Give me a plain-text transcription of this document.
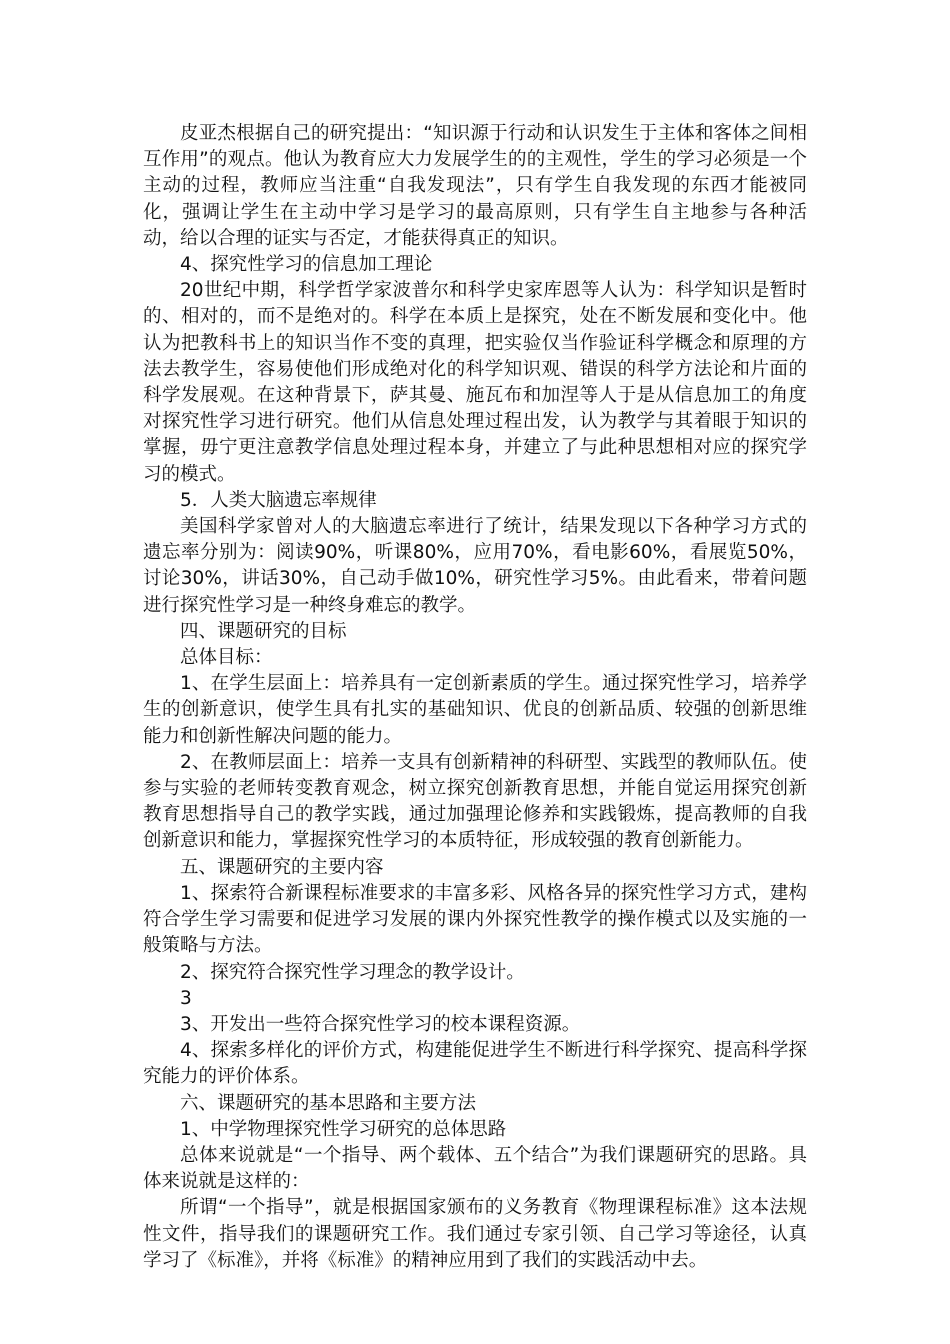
皮亚杰根据自己的研究提出：“知识源于行动和认识发生于主体和客体之间相互作用”的观点。他认为教育应大力发展学生的的主观性，学生的学习必须是一个主动的过程，教师应当注重“自我发现法”，只有学生自我发现的东西才能被同化，强调让学生在主动中学习是学习的最高原则，只有学生自主地参与各种活动，给以合理的证实与否定，才能获得真正的知识。

4、探究性学习的信息加工理论

20世纪中期，科学哲学家波普尔和科学史家库恩等人认为：科学知识是暂时的、相对的，而不是绝对的。科学在本质上是探究，处在不断发展和变化中。他认为把教科书上的知识当作不变的真理，把实验仅当作验证科学概念和原理的方法去教学生，容易使他们形成绝对化的科学知识观、错误的科学方法论和片面的科学发展观。在这种背景下，萨其曼、施瓦布和加涅等人于是从信息加工的角度对探究性学习进行研究。他们从信息处理过程出发，认为教学与其着眼于知识的掌握，毋宁更注意教学信息处理过程本身，并建立了与此种思想相对应的探究学习的模式。

5．人类大脑遗忘率规律

美国科学家曾对人的大脑遗忘率进行了统计，结果发现以下各种学习方式的遗忘率分别为：阅读90%，听课80%，应用70%，看电影60%，看展览50%，讨论30%，讲话30%，自己动手做10%，研究性学习5%。由此看来，带着问题进行探究性学习是一种终身难忘的教学。

四、课题研究的目标

总体目标：

1、在学生层面上：培养具有一定创新素质的学生。通过探究性学习，培养学生的创新意识，使学生具有扎实的基础知识、优良的创新品质、较强的创新思维能力和创新性解决问题的能力。

2、在教师层面上：培养一支具有创新精神的科研型、实践型的教师队伍。使参与实验的老师转变教育观念，树立探究创新教育思想，并能自觉运用探究创新教育思想指导自己的教学实践，通过加强理论修养和实践锻炼，提高教师的自我创新意识和能力，掌握探究性学习的本质特征，形成较强的教育创新能力。

五、课题研究的主要内容

1、探索符合新课程标准要求的丰富多彩、风格各异的探究性学习方式，建构符合学生学习需要和促进学习发展的课内外探究性教学的操作模式以及实施的一般策略与方法。

2、探究符合探究性学习理念的教学设计。

3

3、开发出一些符合探究性学习的校本课程资源。

4、探索多样化的评价方式，构建能促进学生不断进行科学探究、提高科学探究能力的评价体系。

六、课题研究的基本思路和主要方法

1、中学物理探究性学习研究的总体思路

总体来说就是“一个指导、两个载体、五个结合”为我们课题研究的思路。具体来说就是这样的：

所谓“一个指导”，就是根据国家颁布的义务教育《物理课程标准》这本法规性文件，指导我们的课题研究工作。我们通过专家引领、自己学习等途径，认真学习了《标准》，并将《标准》的精神应用到了我们的实践活动中去。
